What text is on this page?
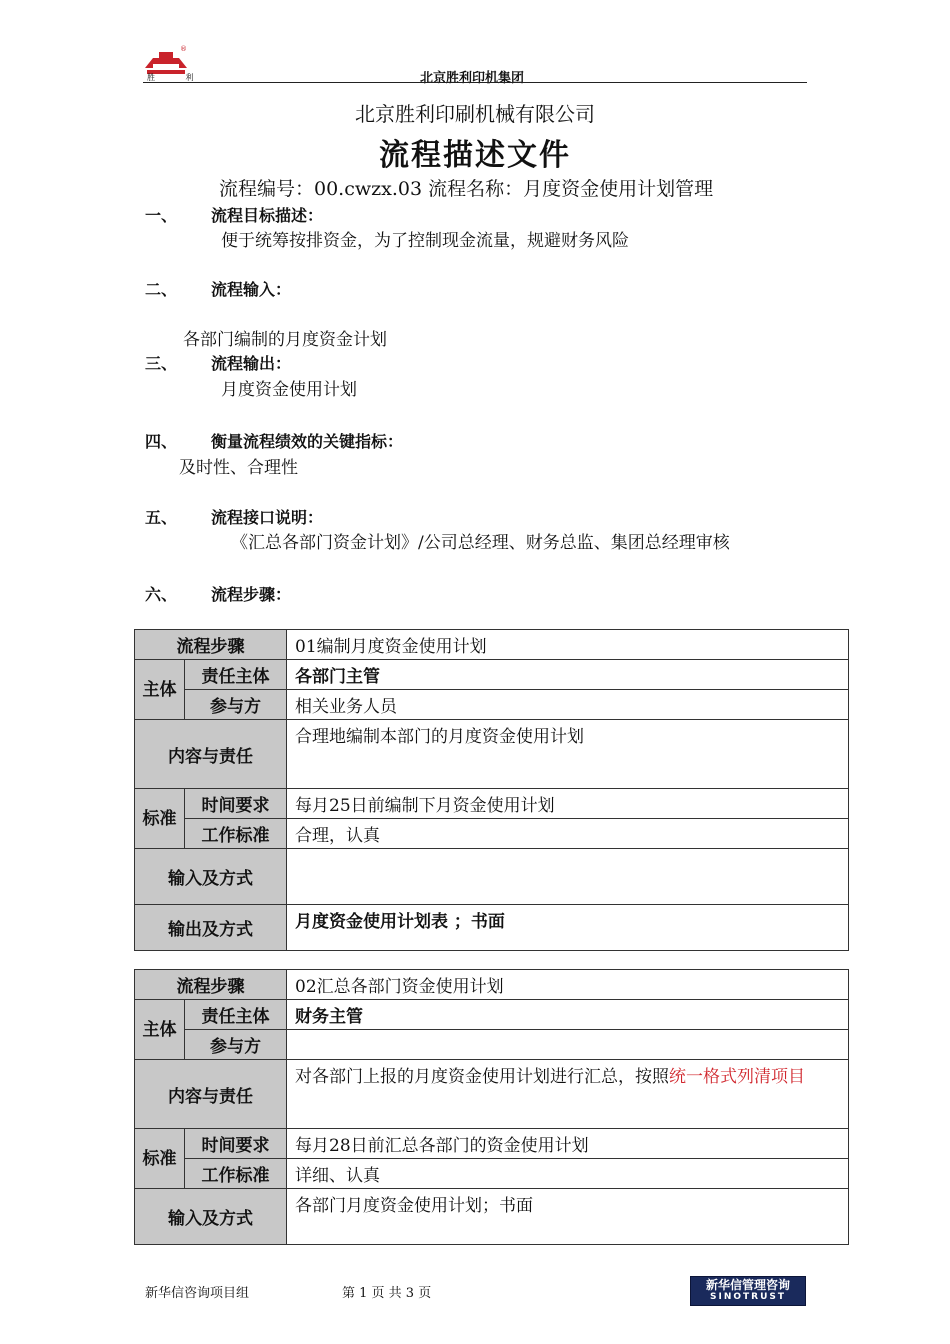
®
胜 利	北京胜利印机集团
北京胜利印刷机械有限公司
流程描述文件
流程编号：00.cwzx.03 流程名称：月度资金使用计划管理
一、 流程目标描述：
便于统筹按排资金，为了控制现金流量，规避财务风险
二、 流程输入：
各部门编制的月度资金计划
三、 流程输出：
月度资金使用计划
四、 衡量流程绩效的关键指标：
及时性、合理性
五、 流程接口说明：
《汇总各部门资金计划》/公司总经理、财务总监、集团总经理审核
六、 流程步骤：
流程步骤		01编制月度资金使用计划
主体	责任主体	各部门主管
	参与方	相关业务人员
内容与责任		合理地编制本部门的月度资金使用计划
标准	时间要求	每月25日前编制下月资金使用计划
	工作标准	合理，认真
输入及方式		
输出及方式		月度资金使用计划表 ；书面
流程步骤		02汇总各部门资金使用计划
主体	责任主体	财务主管
	参与方	
内容与责任		对各部门上报的月度资金使用计划进行汇总，按照统一格式列清项目
标准	时间要求	每月28日前汇总各部门的资金使用计划
	工作标准	详细、认真
输入及方式		各部门月度资金使用计划；书面
新华信咨询项目组	第 1 页 共 3 页
新华信管理咨询
SINOTRUST
